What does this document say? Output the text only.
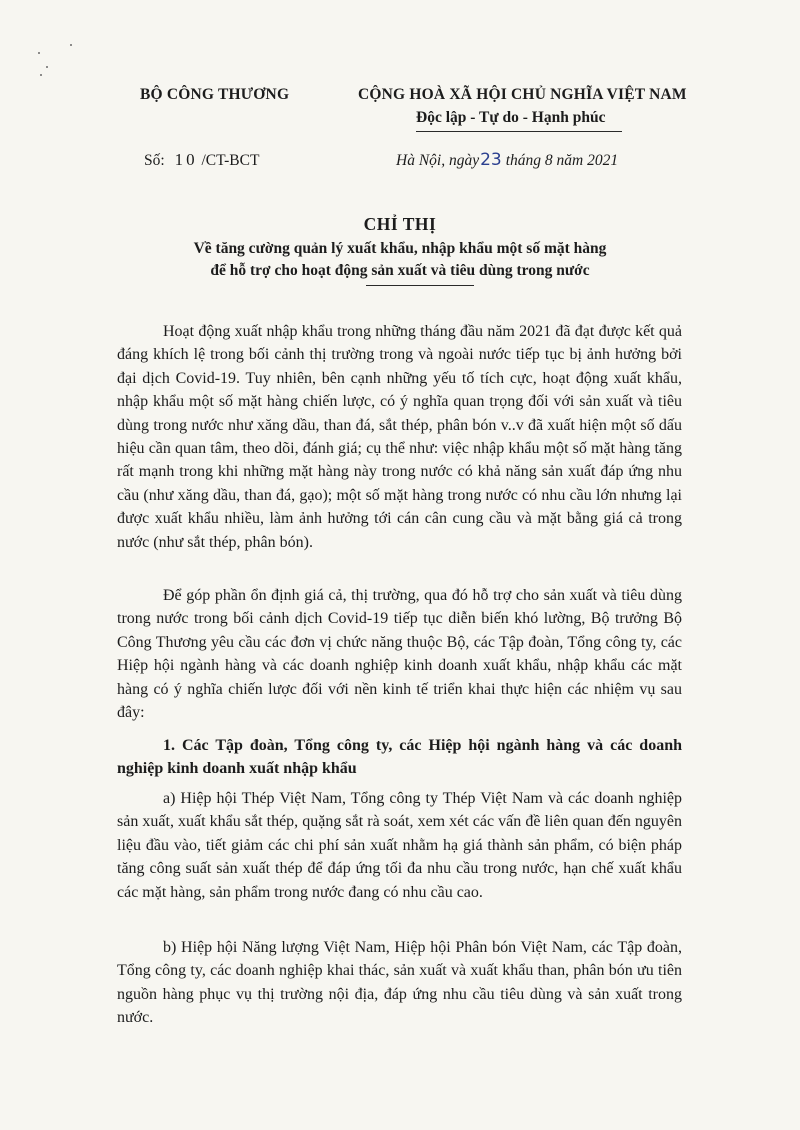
BỘ CÔNG THƯƠNG	CỘNG HOÀ XÃ HỘI CHỦ NGHĨA VIỆT NAM
Độc lập - Tự do - Hạnh phúc
Số: 10 /CT-BCT	Hà Nội, ngày23 tháng 8 năm 2021
CHỈ THỊ
Về tăng cường quản lý xuất khẩu, nhập khẩu một số mặt hàng
để hỗ trợ cho hoạt động sản xuất và tiêu dùng trong nước

Hoạt động xuất nhập khẩu trong những tháng đầu năm 2021 đã đạt được kết quả đáng khích lệ trong bối cảnh thị trường trong và ngoài nước tiếp tục bị ảnh hưởng bởi đại dịch Covid-19. Tuy nhiên, bên cạnh những yếu tố tích cực, hoạt động xuất khẩu, nhập khẩu một số mặt hàng chiến lược, có ý nghĩa quan trọng đối với sản xuất và tiêu dùng trong nước như xăng dầu, than đá, sắt thép, phân bón v..v đã xuất hiện một số dấu hiệu cần quan tâm, theo dõi, đánh giá; cụ thể như: việc nhập khẩu một số mặt hàng tăng rất mạnh trong khi những mặt hàng này trong nước có khả năng sản xuất đáp ứng nhu cầu (như xăng dầu, than đá, gạo); một số mặt hàng trong nước có nhu cầu lớn nhưng lại được xuất khẩu nhiều, làm ảnh hưởng tới cán cân cung cầu và mặt bằng giá cả trong nước (như sắt thép, phân bón).

Để góp phần ổn định giá cả, thị trường, qua đó hỗ trợ cho sản xuất và tiêu dùng trong nước trong bối cảnh dịch Covid-19 tiếp tục diễn biến khó lường, Bộ trưởng Bộ Công Thương yêu cầu các đơn vị chức năng thuộc Bộ, các Tập đoàn, Tổng công ty, các Hiệp hội ngành hàng và các doanh nghiệp kinh doanh xuất khẩu, nhập khẩu các mặt hàng có ý nghĩa chiến lược đối với nền kinh tế triển khai thực hiện các nhiệm vụ sau đây:

1. Các Tập đoàn, Tổng công ty, các Hiệp hội ngành hàng và các doanh nghiệp kinh doanh xuất nhập khẩu

a) Hiệp hội Thép Việt Nam, Tổng công ty Thép Việt Nam và các doanh nghiệp sản xuất, xuất khẩu sắt thép, quặng sắt rà soát, xem xét các vấn đề liên quan đến nguyên liệu đầu vào, tiết giảm các chi phí sản xuất nhằm hạ giá thành sản phẩm, có biện pháp tăng công suất sản xuất thép để đáp ứng tối đa nhu cầu trong nước, hạn chế xuất khẩu các mặt hàng, sản phẩm trong nước đang có nhu cầu cao.

b) Hiệp hội Năng lượng Việt Nam, Hiệp hội Phân bón Việt Nam, các Tập đoàn, Tổng công ty, các doanh nghiệp khai thác, sản xuất và xuất khẩu than, phân bón ưu tiên nguồn hàng phục vụ thị trường nội địa, đáp ứng nhu cầu tiêu dùng và sản xuất trong nước.
